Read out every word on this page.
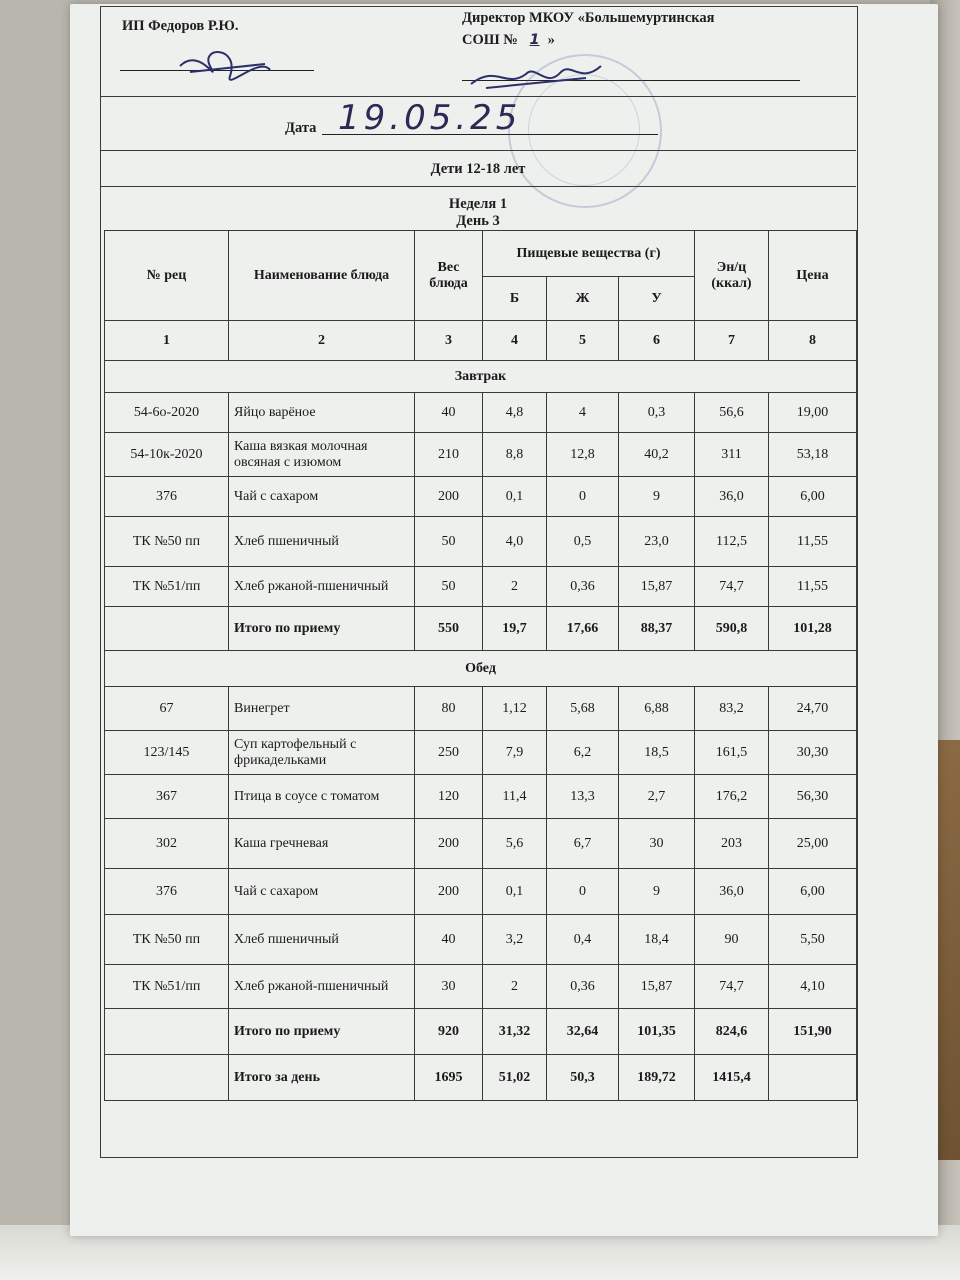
ИП Федоров Р.Ю.	Директор МКОУ «Большемуртинская
СОШ № 1 »
Дата 19.05.25
Дети 12-18 лет
Неделя 1
День 3
№ рец	Наименование блюда	Вес блюда	Пищевые вещества (г)			Эн/ц (ккал)	Цена
			Б	Ж	У		
1	2	3	4	5	6	7	8
Завтрак							
54-6о-2020	Яйцо варёное	40	4,8	4	0,3	56,6	19,00
54-10к-2020	Каша вязкая молочная овсяная с изюмом	210	8,8	12,8	40,2	311	53,18
376	Чай с сахаром	200	0,1	0	9	36,0	6,00
ТК №50 пп	Хлеб пшеничный	50	4,0	0,5	23,0	112,5	11,55
ТК №51/пп	Хлеб ржаной-пшеничный	50	2	0,36	15,87	74,7	11,55
	Итого по приему	550	19,7	17,66	88,37	590,8	101,28
Обед							
67	Винегрет	80	1,12	5,68	6,88	83,2	24,70
123/145	Суп картофельный с фрикадельками	250	7,9	6,2	18,5	161,5	30,30
367	Птица в соусе с томатом	120	11,4	13,3	2,7	176,2	56,30
302	Каша гречневая	200	5,6	6,7	30	203	25,00
376	Чай с сахаром	200	0,1	0	9	36,0	6,00
ТК №50 пп	Хлеб пшеничный	40	3,2	0,4	18,4	90	5,50
ТК №51/пп	Хлеб ржаной-пшеничный	30	2	0,36	15,87	74,7	4,10
	Итого по приему	920	31,32	32,64	101,35	824,6	151,90
	Итого за день	1695	51,02	50,3	189,72	1415,4	
